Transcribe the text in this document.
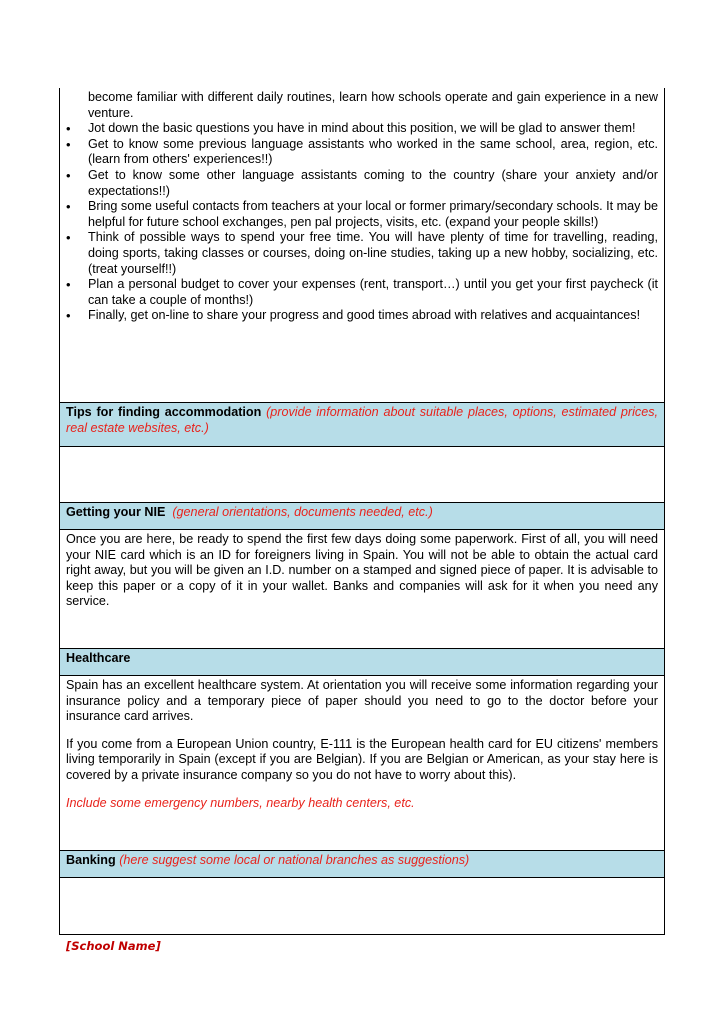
become familiar with different daily routines, learn how schools operate and gain experience in a new venture.
• Jot down the basic questions you have in mind about this position, we will be glad to answer them!
• Get to know some previous language assistants who worked in the same school, area, region, etc. (learn from others' experiences!!)
• Get to know some other language assistants coming to the country (share your anxiety and/or expectations!!)
• Bring some useful contacts from teachers at your local or former primary/secondary schools. It may be helpful for future school exchanges, pen pal projects, visits, etc. (expand your people skills!)
• Think of possible ways to spend your free time. You will have plenty of time for travelling, reading, doing sports, taking classes or courses, doing on-line studies, taking up a new hobby, socializing, etc. (treat yourself!!)
• Plan a personal budget to cover your expenses (rent, transport…) until you get your first paycheck (it can take a couple of months!)
• Finally, get on-line to share your progress and good times abroad with relatives and acquaintances!
Tips for finding accommodation (provide information about suitable places, options, estimated prices, real estate websites, etc.)
Getting your NIE (general orientations, documents needed, etc.)

Once you are here, be ready to spend the first few days doing some paperwork. First of all, you will need your NIE card which is an ID for foreigners living in Spain. You will not be able to obtain the actual card right away, but you will be given an I.D. number on a stamped and signed piece of paper. It is advisable to keep this paper or a copy of it in your wallet. Banks and companies will ask for it when you need any service.

Healthcare

Spain has an excellent healthcare system. At orientation you will receive some information regarding your insurance policy and a temporary piece of paper should you need to go to the doctor before your insurance card arrives.

If you come from a European Union country, E-111 is the European health card for EU citizens' members living temporarily in Spain (except if you are Belgian). If you are Belgian or American, as your stay here is covered by a private insurance company so you do not have to worry about this).

Include some emergency numbers, nearby health centers, etc.

Banking (here suggest some local or national branches as suggestions)
[School Name]
